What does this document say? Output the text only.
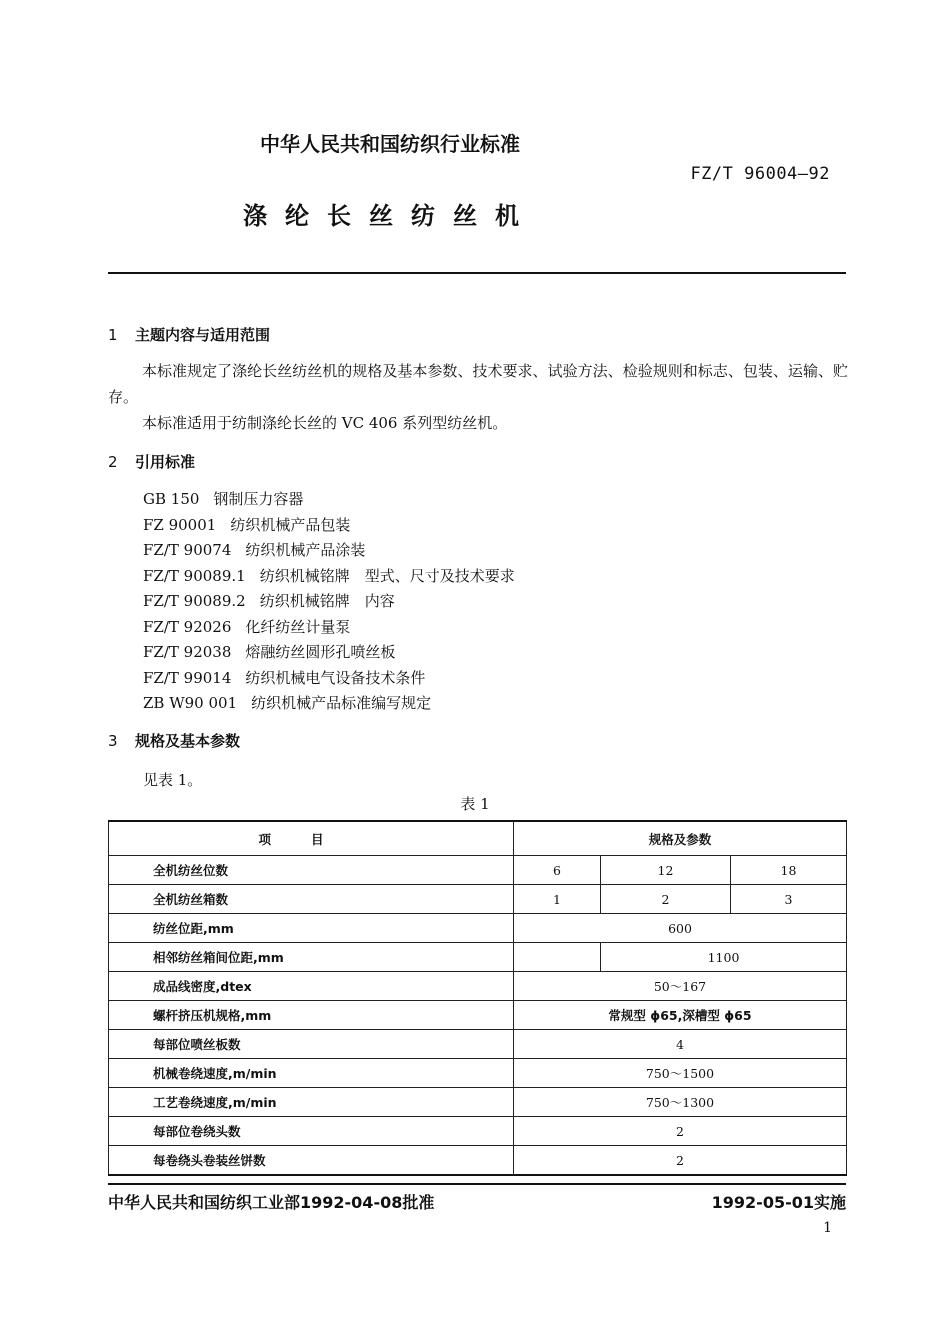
中华人民共和国纺织行业标准
FZ/T 96004—92
涤纶长丝纺丝机
1 主题内容与适用范围
本标准规定了涤纶长丝纺丝机的规格及基本参数、技术要求、试验方法、检验规则和标志、包装、运输、贮存。
本标准适用于纺制涤纶长丝的 VC 406 系列型纺丝机。
2 引用标准
GB 150 钢制压力容器
FZ 90001 纺织机械产品包装
FZ/T 90074 纺织机械产品涂装
FZ/T 90089.1 纺织机械铭牌　型式、尺寸及技术要求
FZ/T 90089.2 纺织机械铭牌　内容
FZ/T 92026 化纤纺丝计量泵
FZ/T 92038 熔融纺丝圆形孔喷丝板
FZ/T 99014 纺织机械电气设备技术条件
ZB W90 001 纺织机械产品标准编写规定
3 规格及基本参数
见表 1。
表 1
项目	规格及参数		
全机纺丝位数	6	12	18
全机纺丝箱数	1	2	3
纺丝位距,mm	600		
相邻纺丝箱间位距,mm		1100	
成品线密度,dtex	50～167		
螺杆挤压机规格,mm	常规型 ϕ65,深槽型 ϕ65		
每部位喷丝板数	4		
机械卷绕速度,m/min	750～1500		
工艺卷绕速度,m/min	750～1300		
每部位卷绕头数	2		
每卷绕头卷装丝饼数	2		
中华人民共和国纺织工业部1992-04-08批准	1992-05-01实施
1
